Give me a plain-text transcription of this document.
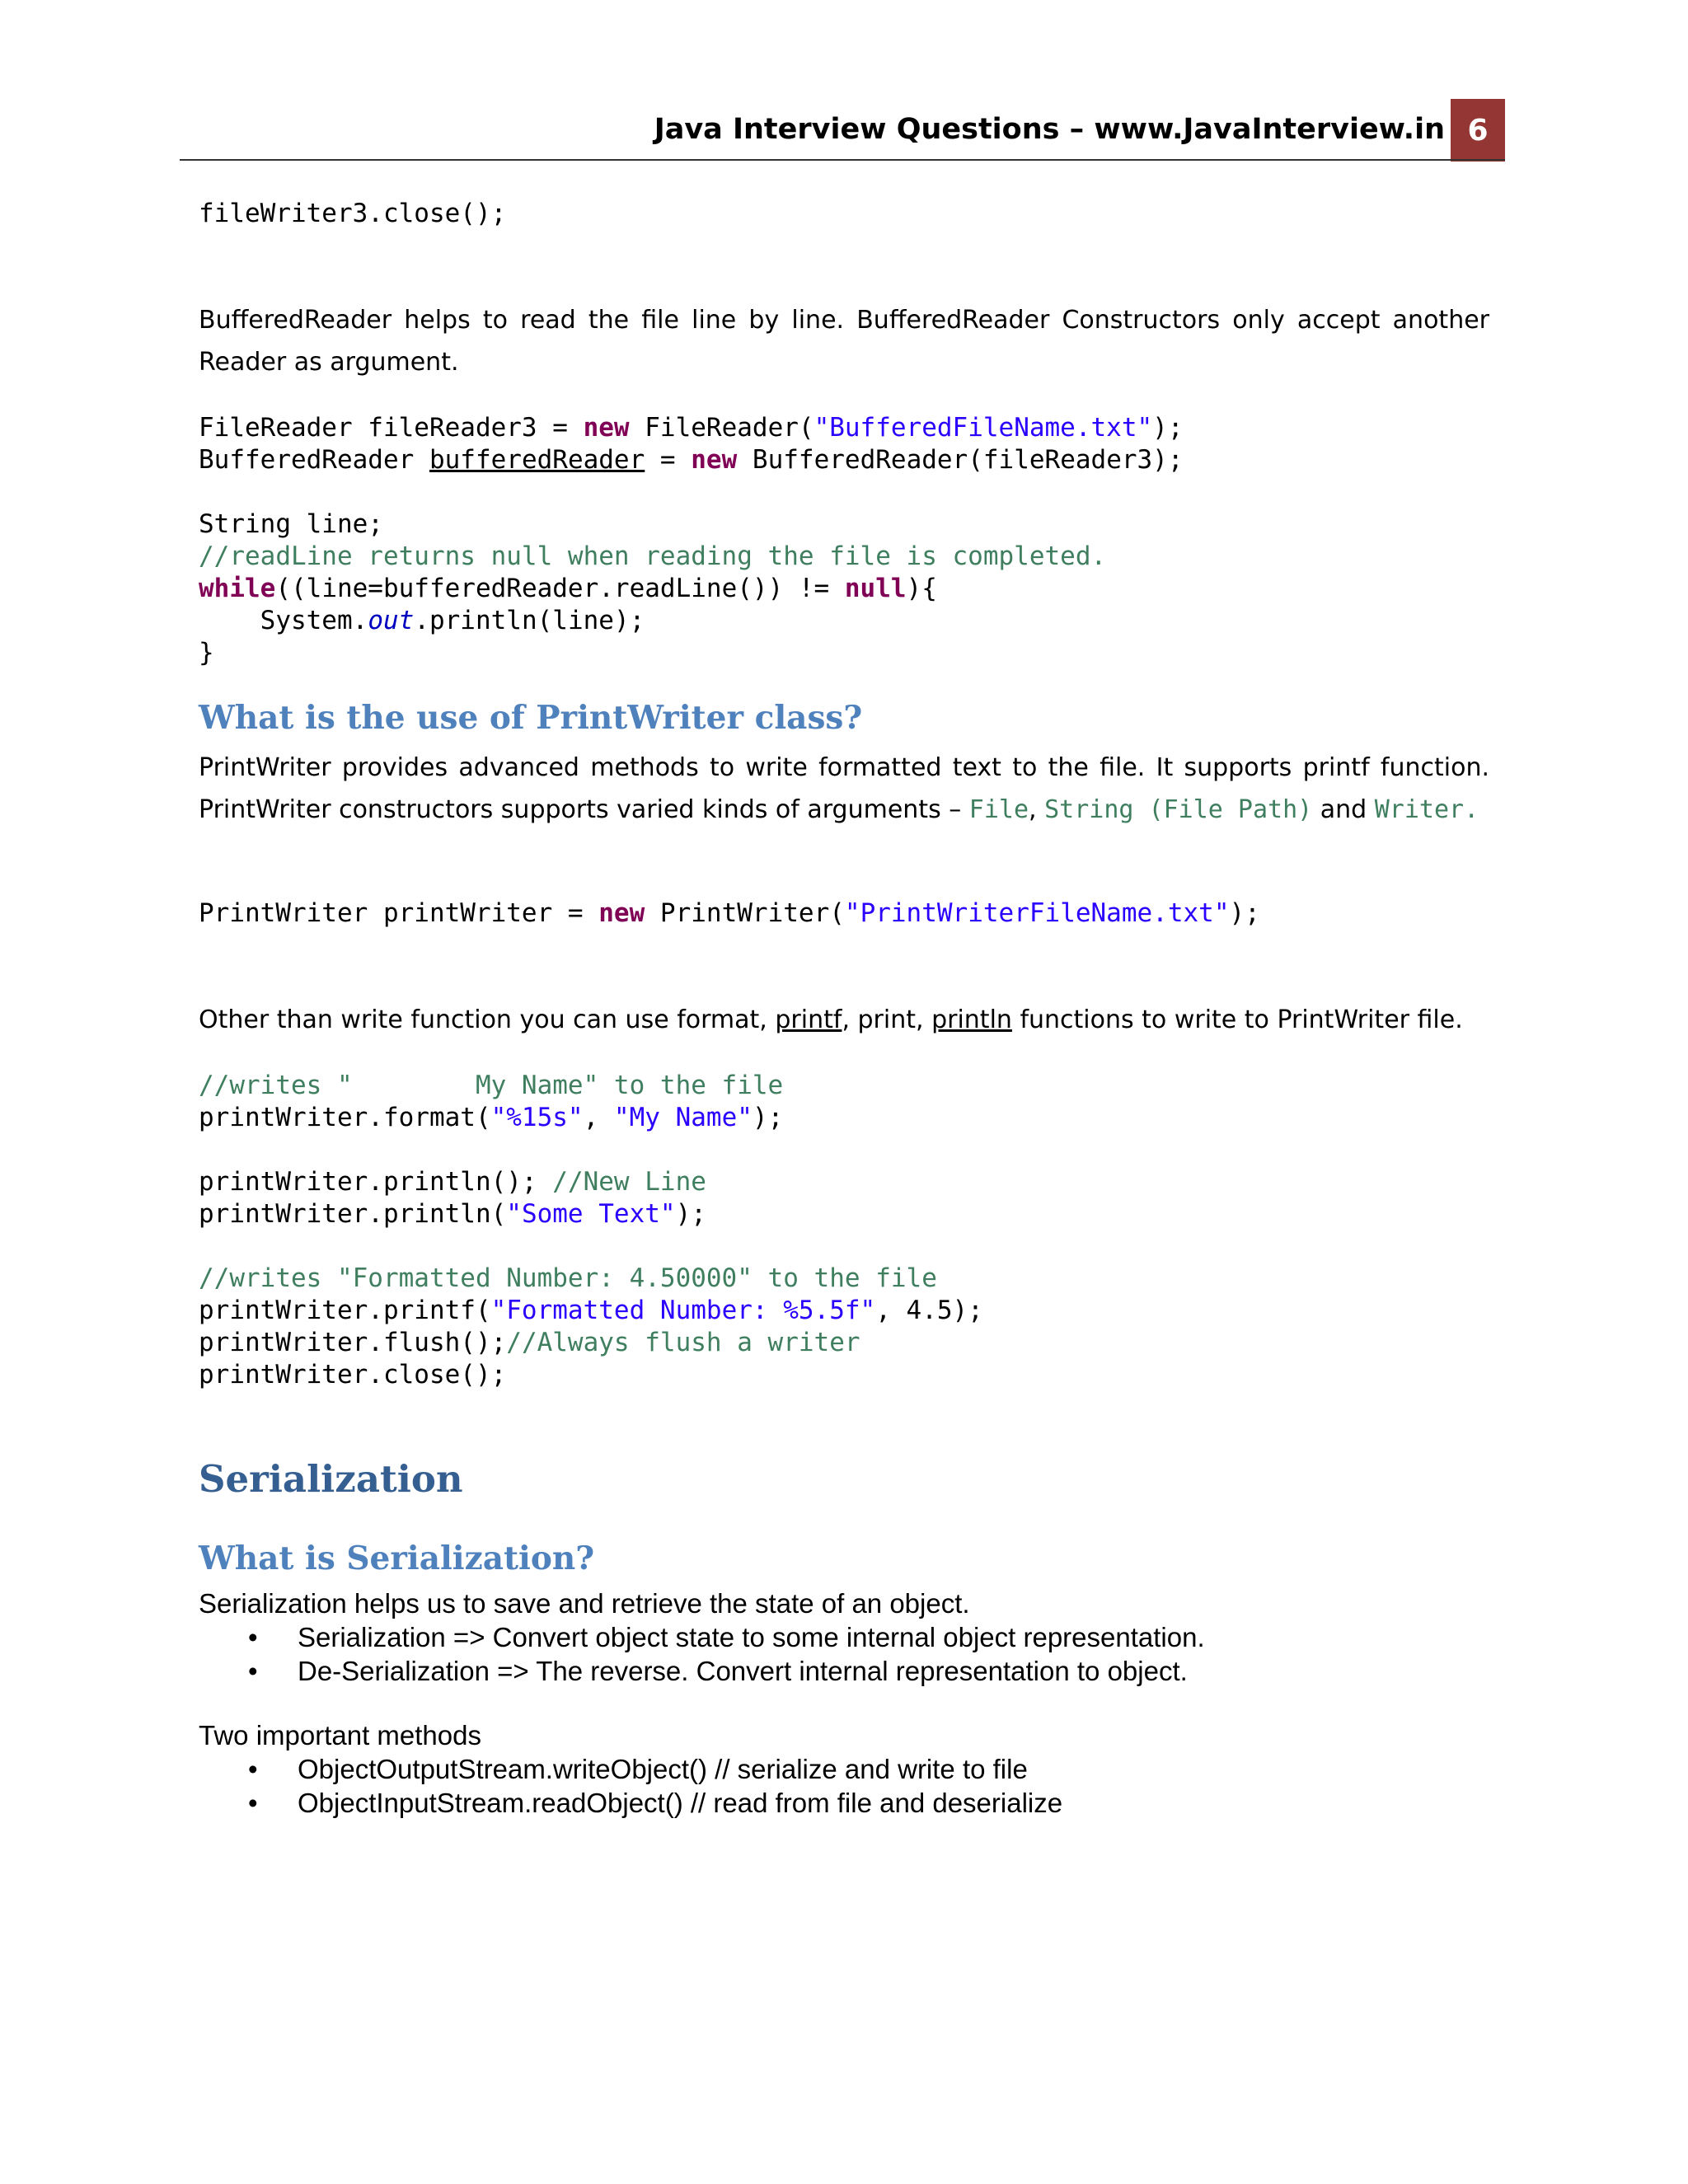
Java Interview Questions – www.JavaInterview.in 6
fileWriter3.close();

BufferedReader helps to read the file line by line. BufferedReader Constructors only accept another Reader as argument.

FileReader fileReader3 = new FileReader("BufferedFileName.txt");
BufferedReader bufferedReader = new BufferedReader(fileReader3);
String line;
//readLine returns null when reading the file is completed.
while((line=bufferedReader.readLine()) != null){
System.out.println(line);
}
What is the use of PrintWriter class?

PrintWriter provides advanced methods to write formatted text to the file. It supports printf function. PrintWriter constructors supports varied kinds of arguments – File, String (File Path) and Writer.

PrintWriter printWriter = new PrintWriter("PrintWriterFileName.txt");

Other than write function you can use format, printf, print, println functions to write to PrintWriter file.

//writes "        My Name" to the file
printWriter.format("%15s", "My Name");
printWriter.println(); //New Line
printWriter.println("Some Text");
//writes "Formatted Number: 4.50000" to the file
printWriter.printf("Formatted Number: %5.5f", 4.5);
printWriter.flush();//Always flush a writer
printWriter.close();
Serialization
What is Serialization?

Serialization helps us to save and retrieve the state of an object.

• Serialization => Convert object state to some internal object representation.
• De-Serialization => The reverse. Convert internal representation to object.

Two important methods

• ObjectOutputStream.writeObject() // serialize and write to file
• ObjectInputStream.readObject() // read from file and deserialize
